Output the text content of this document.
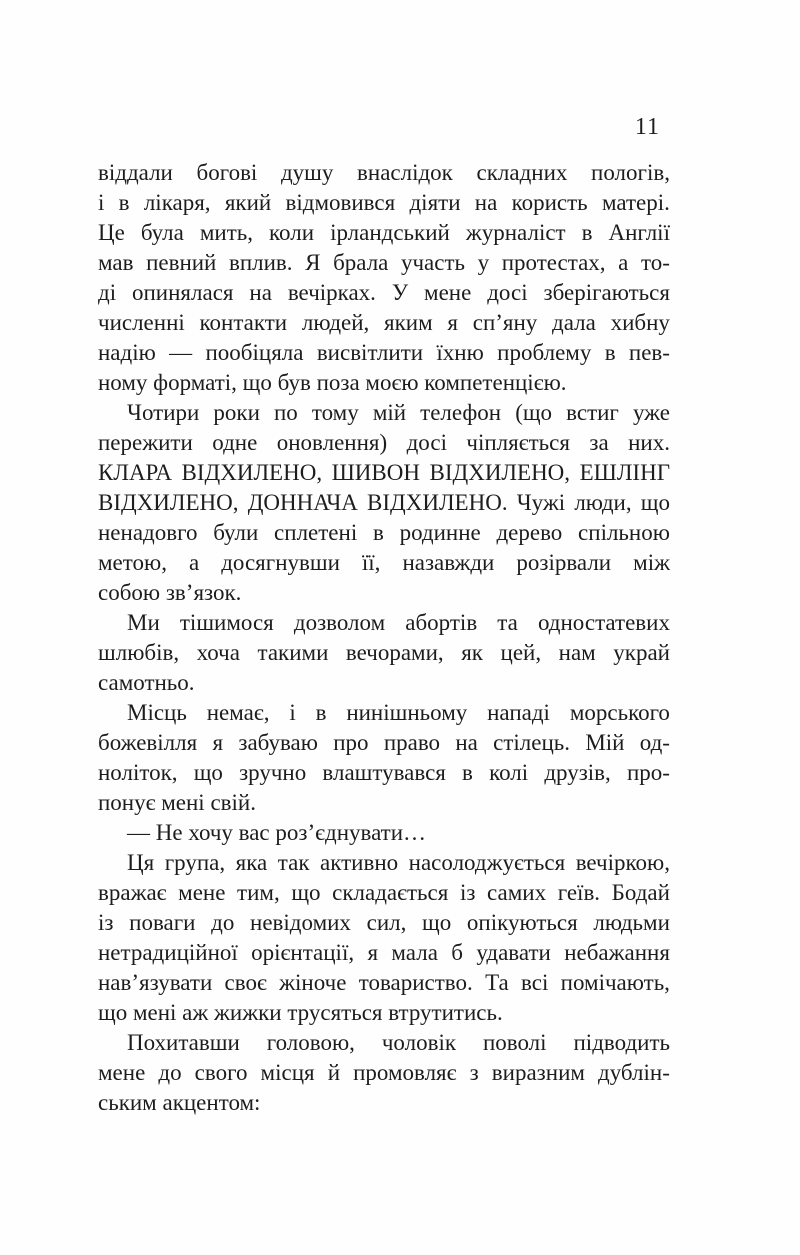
11
віддали богові душу внаслідок складних пологів,
і в лікаря, який відмовився діяти на користь матері.
Це була мить, коли ірландський журналіст в Англії
мав певний вплив. Я брала участь у протестах, а то-
ді опинялася на вечірках. У мене досі зберігаються
численні контакти людей, яким я сп’яну дала хибну
надію — пообіцяла висвітлити їхню проблему в пев-
ному форматі, що був поза моєю компетенцією.
Чотири роки по тому мій телефон (що встиг уже
пережити одне оновлення) досі чіпляється за них.
КЛАРА ВІДХИЛЕНО, ШИВОН ВІДХИЛЕНО, ЕШЛІНГ
ВІДХИЛЕНО, ДОННАЧА ВІДХИЛЕНО. Чужі люди, що
ненадовго були сплетені в родинне дерево спільною
метою, а досягнувши її, назавжди розірвали між
собою зв’язок.
Ми тішимося дозволом абортів та одностатевих
шлюбів, хоча такими вечорами, як цей, нам украй
самотньо.
Місць немає, і в нинішньому нападі морського
божевілля я забуваю про право на стілець. Мій од-
ноліток, що зручно влаштувався в колі друзів, про-
понує мені свій.
— Не хочу вас роз’єднувати…
Ця група, яка так активно насолоджується вечіркою,
вражає мене тим, що складається із самих геїв. Бодай
із поваги до невідомих сил, що опікуються людьми
нетрадиційної орієнтації, я мала б удавати небажання
нав’язувати своє жіноче товариство. Та всі помічають,
що мені аж жижки трусяться втрутитись.
Похитавши головою, чоловік поволі підводить
мене до свого місця й промовляє з виразним дублін-
ським акцентом:
